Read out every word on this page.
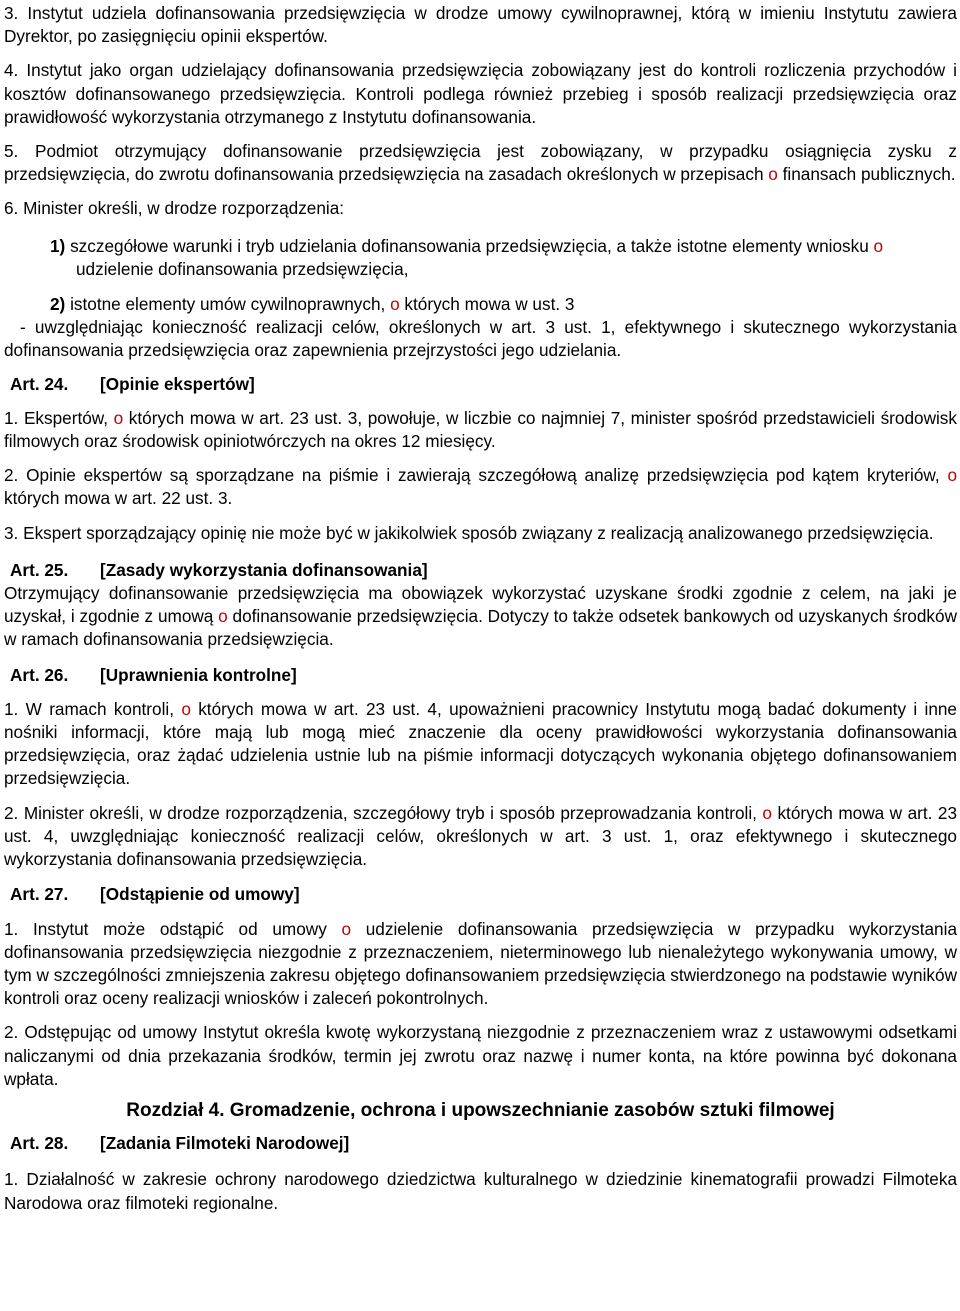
3. Instytut udziela dofinansowania przedsięwzięcia w drodze umowy cywilnoprawnej, którą w imieniu Instytutu zawiera Dyrektor, po zasięgnięciu opinii ekspertów.

4. Instytut jako organ udzielający dofinansowania przedsięwzięcia zobowiązany jest do kontroli rozliczenia przychodów i kosztów dofinansowanego przedsięwzięcia. Kontroli podlega również przebieg i sposób realizacji przedsięwzięcia oraz prawidłowość wykorzystania otrzymanego z Instytutu dofinansowania.

5. Podmiot otrzymujący dofinansowanie przedsięwzięcia jest zobowiązany, w przypadku osiągnięcia zysku z przedsięwzięcia, do zwrotu dofinansowania przedsięwzięcia na zasadach określonych w przepisach o finansach publicznych.

6. Minister określi, w drodze rozporządzenia:

1) szczegółowe warunki i tryb udzielania dofinansowania przedsięwzięcia, a także istotne elementy wniosku o udzielenie dofinansowania przedsięwzięcia,

2) istotne elementy umów cywilnoprawnych, o których mowa w ust. 3

- uwzględniając konieczność realizacji celów, określonych w art. 3 ust. 1, efektywnego i skutecznego wykorzystania dofinansowania przedsięwzięcia oraz zapewnienia przejrzystości jego udzielania.

Art. 24. [Opinie ekspertów]

1. Ekspertów, o których mowa w art. 23 ust. 3, powołuje, w liczbie co najmniej 7, minister spośród przedstawicieli środowisk filmowych oraz środowisk opiniotwórczych na okres 12 miesięcy.

2. Opinie ekspertów są sporządzane na piśmie i zawierają szczegółową analizę przedsięwzięcia pod kątem kryteriów, o których mowa w art. 22 ust. 3.

3. Ekspert sporządzający opinię nie może być w jakikolwiek sposób związany z realizacją analizowanego przedsięwzięcia.

Art. 25. [Zasady wykorzystania dofinansowania]

Otrzymujący dofinansowanie przedsięwzięcia ma obowiązek wykorzystać uzyskane środki zgodnie z celem, na jaki je uzyskał, i zgodnie z umową o dofinansowanie przedsięwzięcia. Dotyczy to także odsetek bankowych od uzyskanych środków w ramach dofinansowania przedsięwzięcia.

Art. 26. [Uprawnienia kontrolne]

1. W ramach kontroli, o których mowa w art. 23 ust. 4, upoważnieni pracownicy Instytutu mogą badać dokumenty i inne nośniki informacji, które mają lub mogą mieć znaczenie dla oceny prawidłowości wykorzystania dofinansowania przedsięwzięcia, oraz żądać udzielenia ustnie lub na piśmie informacji dotyczących wykonania objętego dofinansowaniem przedsięwzięcia.

2. Minister określi, w drodze rozporządzenia, szczegółowy tryb i sposób przeprowadzania kontroli, o których mowa w art. 23 ust. 4, uwzględniając konieczność realizacji celów, określonych w art. 3 ust. 1, oraz efektywnego i skutecznego wykorzystania dofinansowania przedsięwzięcia.

Art. 27. [Odstąpienie od umowy]

1. Instytut może odstąpić od umowy o udzielenie dofinansowania przedsięwzięcia w przypadku wykorzystania dofinansowania przedsięwzięcia niezgodnie z przeznaczeniem, nieterminowego lub nienależytego wykonywania umowy, w tym w szczególności zmniejszenia zakresu objętego dofinansowaniem przedsięwzięcia stwierdzonego na podstawie wyników kontroli oraz oceny realizacji wniosków i zaleceń pokontrolnych.

2. Odstępując od umowy Instytut określa kwotę wykorzystaną niezgodnie z przeznaczeniem wraz z ustawowymi odsetkami naliczanymi od dnia przekazania środków, termin jej zwrotu oraz nazwę i numer konta, na które powinna być dokonana wpłata.

Rozdział 4. Gromadzenie, ochrona i upowszechnianie zasobów sztuki filmowej
Art. 28. [Zadania Filmoteki Narodowej]

1. Działalność w zakresie ochrony narodowego dziedzictwa kulturalnego w dziedzinie kinematografii prowadzi Filmoteka Narodowa oraz filmoteki regionalne.
